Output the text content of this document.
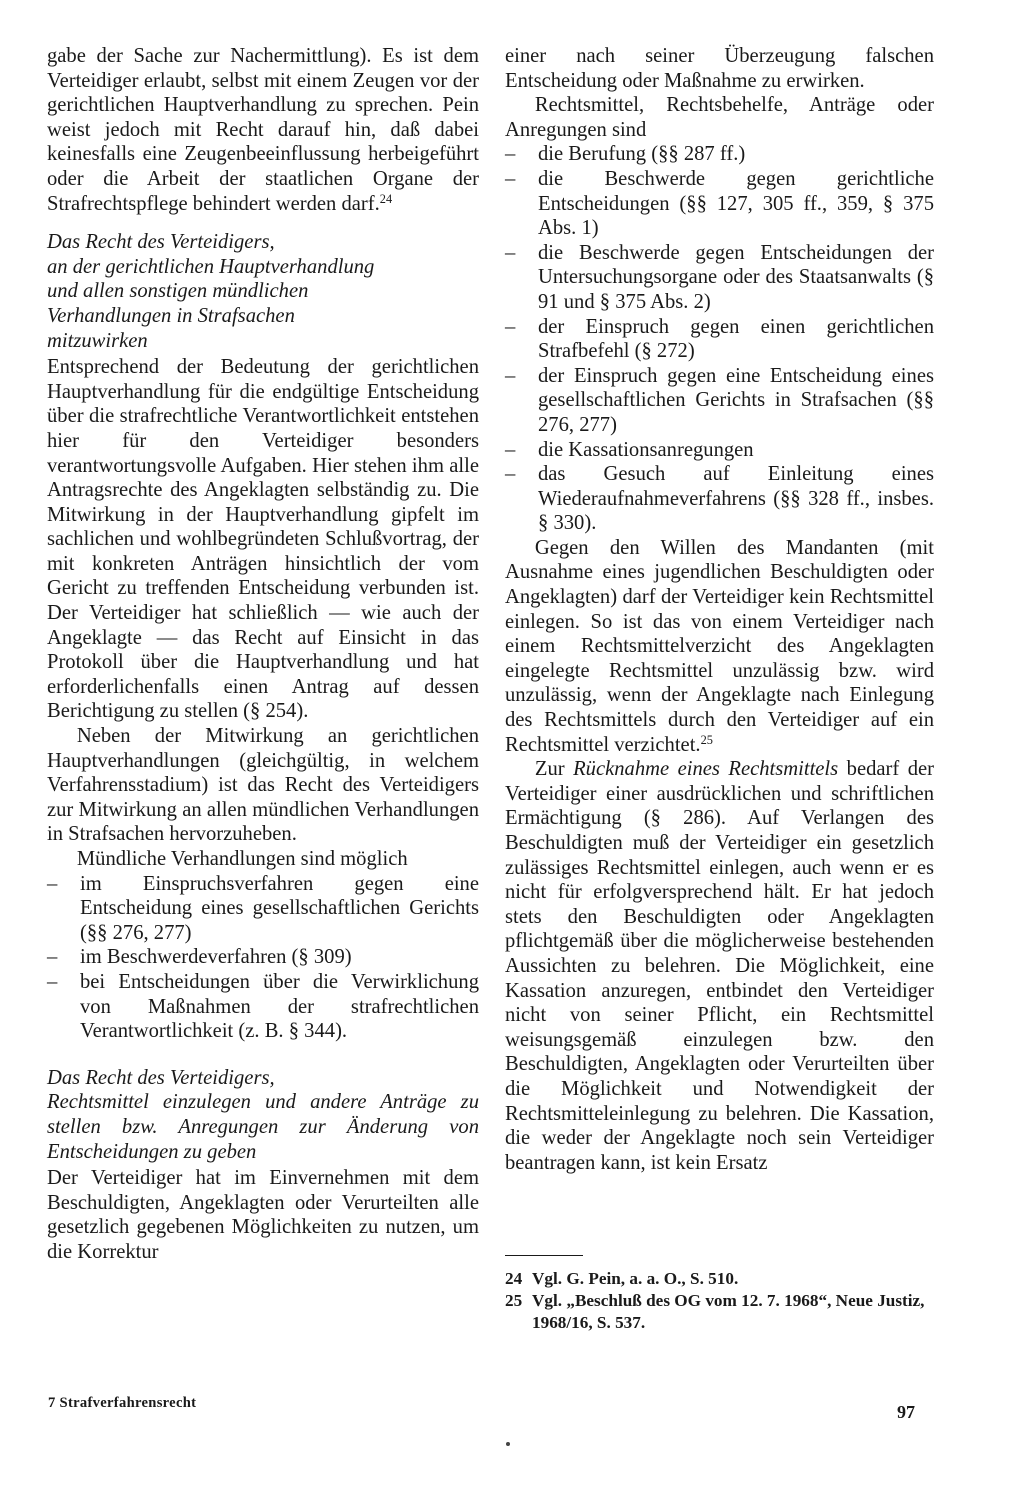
gabe der Sache zur Nachermittlung). Es ist dem Verteidiger erlaubt, selbst mit einem Zeugen vor der gerichtlichen Hauptverhandlung zu sprechen. Pein weist jedoch mit Recht darauf hin, daß dabei keinesfalls eine Zeugenbeeinflussung herbeigeführt oder die Arbeit der staatlichen Organe der Strafrechtspflege behindert werden darf.$^{24}$

Das Recht des Verteidigers,
an der gerichtlichen Hauptverhandlung
und allen sonstigen mündlichen
Verhandlungen in Strafsachen
mitzuwirken

Entsprechend der Bedeutung der gerichtlichen Hauptverhandlung für die endgültige Entscheidung über die strafrechtliche Verantwortlichkeit entstehen hier für den Verteidiger besonders verantwortungsvolle Aufgaben. Hier stehen ihm alle Antragsrechte des Angeklagten selbständig zu. Die Mitwirkung in der Hauptverhandlung gipfelt im sachlichen und wohlbegründeten Schlußvortrag, der mit konkreten Anträgen hinsichtlich der vom Gericht zu treffenden Entscheidung verbunden ist. Der Verteidiger hat schließlich — wie auch der Angeklagte — das Recht auf Einsicht in das Protokoll über die Hauptverhandlung und hat erforderlichenfalls einen Antrag auf dessen Berichtigung zu stellen (§ 254).

Neben der Mitwirkung an gerichtlichen Hauptverhandlungen (gleichgültig, in welchem Verfahrensstadium) ist das Recht des Verteidigers zur Mitwirkung an allen mündlichen Verhandlungen in Strafsachen hervorzuheben.

Mündliche Verhandlungen sind möglich

– im Einspruchsverfahren gegen eine Entscheidung eines gesellschaftlichen Gerichts (§§ 276, 277)
– im Beschwerdeverfahren (§ 309)
– bei Entscheidungen über die Verwirklichung von Maßnahmen der strafrechtlichen Verantwortlichkeit (z. B. § 344).
Das Recht des Verteidigers,
Rechtsmittel einzulegen und andere Anträge zu stellen bzw. Anregungen zur Änderung von Entscheidungen zu geben

Der Verteidiger hat im Einvernehmen mit dem Beschuldigten, Angeklagten oder Verurteilten alle gesetzlich gegebenen Möglichkeiten zu nutzen, um die Korrektur

einer nach seiner Überzeugung falschen Entscheidung oder Maßnahme zu erwirken.

Rechtsmittel, Rechtsbehelfe, Anträge oder Anregungen sind

– die Berufung (§§ 287 ff.)
– die Beschwerde gegen gerichtliche Entscheidungen (§§ 127, 305 ff., 359, § 375 Abs. 1)
– die Beschwerde gegen Entscheidungen der Untersuchungsorgane oder des Staatsanwalts (§ 91 und § 375 Abs. 2)
– der Einspruch gegen einen gerichtlichen Strafbefehl (§ 272)
– der Einspruch gegen eine Entscheidung eines gesellschaftlichen Gerichts in Strafsachen (§§ 276, 277)
– die Kassationsanregungen
– das Gesuch auf Einleitung eines Wiederaufnahmeverfahrens (§§ 328 ff., insbes. § 330).

Gegen den Willen des Mandanten (mit Ausnahme eines jugendlichen Beschuldigten oder Angeklagten) darf der Verteidiger kein Rechtsmittel einlegen. So ist das von einem Verteidiger nach einem Rechtsmittelverzicht des Angeklagten eingelegte Rechtsmittel unzulässig bzw. wird unzulässig, wenn der Angeklagte nach Einlegung des Rechtsmittels durch den Verteidiger auf ein Rechtsmittel verzichtet.$^{25}$

Zur Rücknahme eines Rechtsmittels bedarf der Verteidiger einer ausdrücklichen und schriftlichen Ermächtigung (§ 286). Auf Verlangen des Beschuldigten muß der Verteidiger ein gesetzlich zulässiges Rechtsmittel einlegen, auch wenn er es nicht für erfolgversprechend hält. Er hat jedoch stets den Beschuldigten oder Angeklagten pflichtgemäß über die möglicherweise bestehenden Aussichten zu belehren. Die Möglichkeit, eine Kassation anzuregen, entbindet den Verteidiger nicht von seiner Pflicht, ein Rechtsmittel weisungsgemäß einzulegen bzw. den Beschuldigten, Angeklagten oder Verurteilten über die Möglichkeit und Notwendigkeit der Rechtsmitteleinlegung zu belehren. Die Kassation, die weder der Angeklagte noch sein Verteidiger beantragen kann, ist kein Ersatz

24 Vgl. G. Pein, a. a. O., S. 510.
25 Vgl. „Beschluß des OG vom 12. 7. 1968“, Neue Justiz, 1968/16, S. 537.
7 Strafverfahrensrecht	97
